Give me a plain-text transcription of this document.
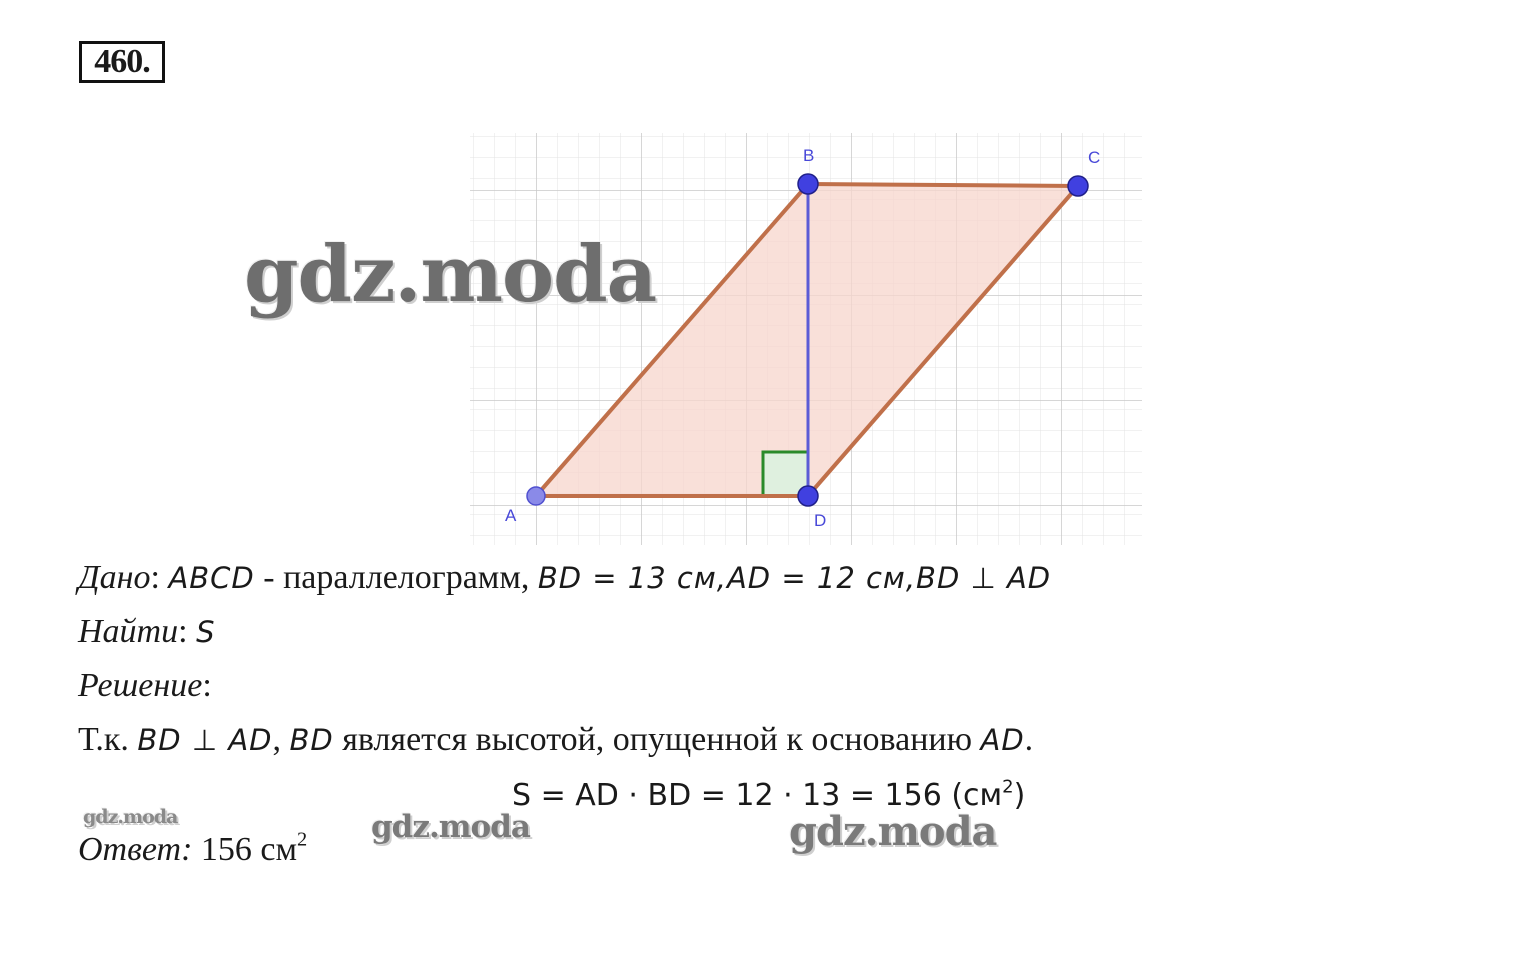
460.
A
B	C
D
gdz.moda
Дано: ABCD - параллелограмм, BD = 13 см,AD = 12 см,BD ⊥ AD
Найти: S
Решение:
Т.к. BD ⊥ AD, BD является высотой, опущенной к основанию AD.
S = AD · BD = 12 · 13 = 156 $(см^2)$
gdz.moda	gdz.moda	gdz.moda
Ответ: 156 $см^2$
